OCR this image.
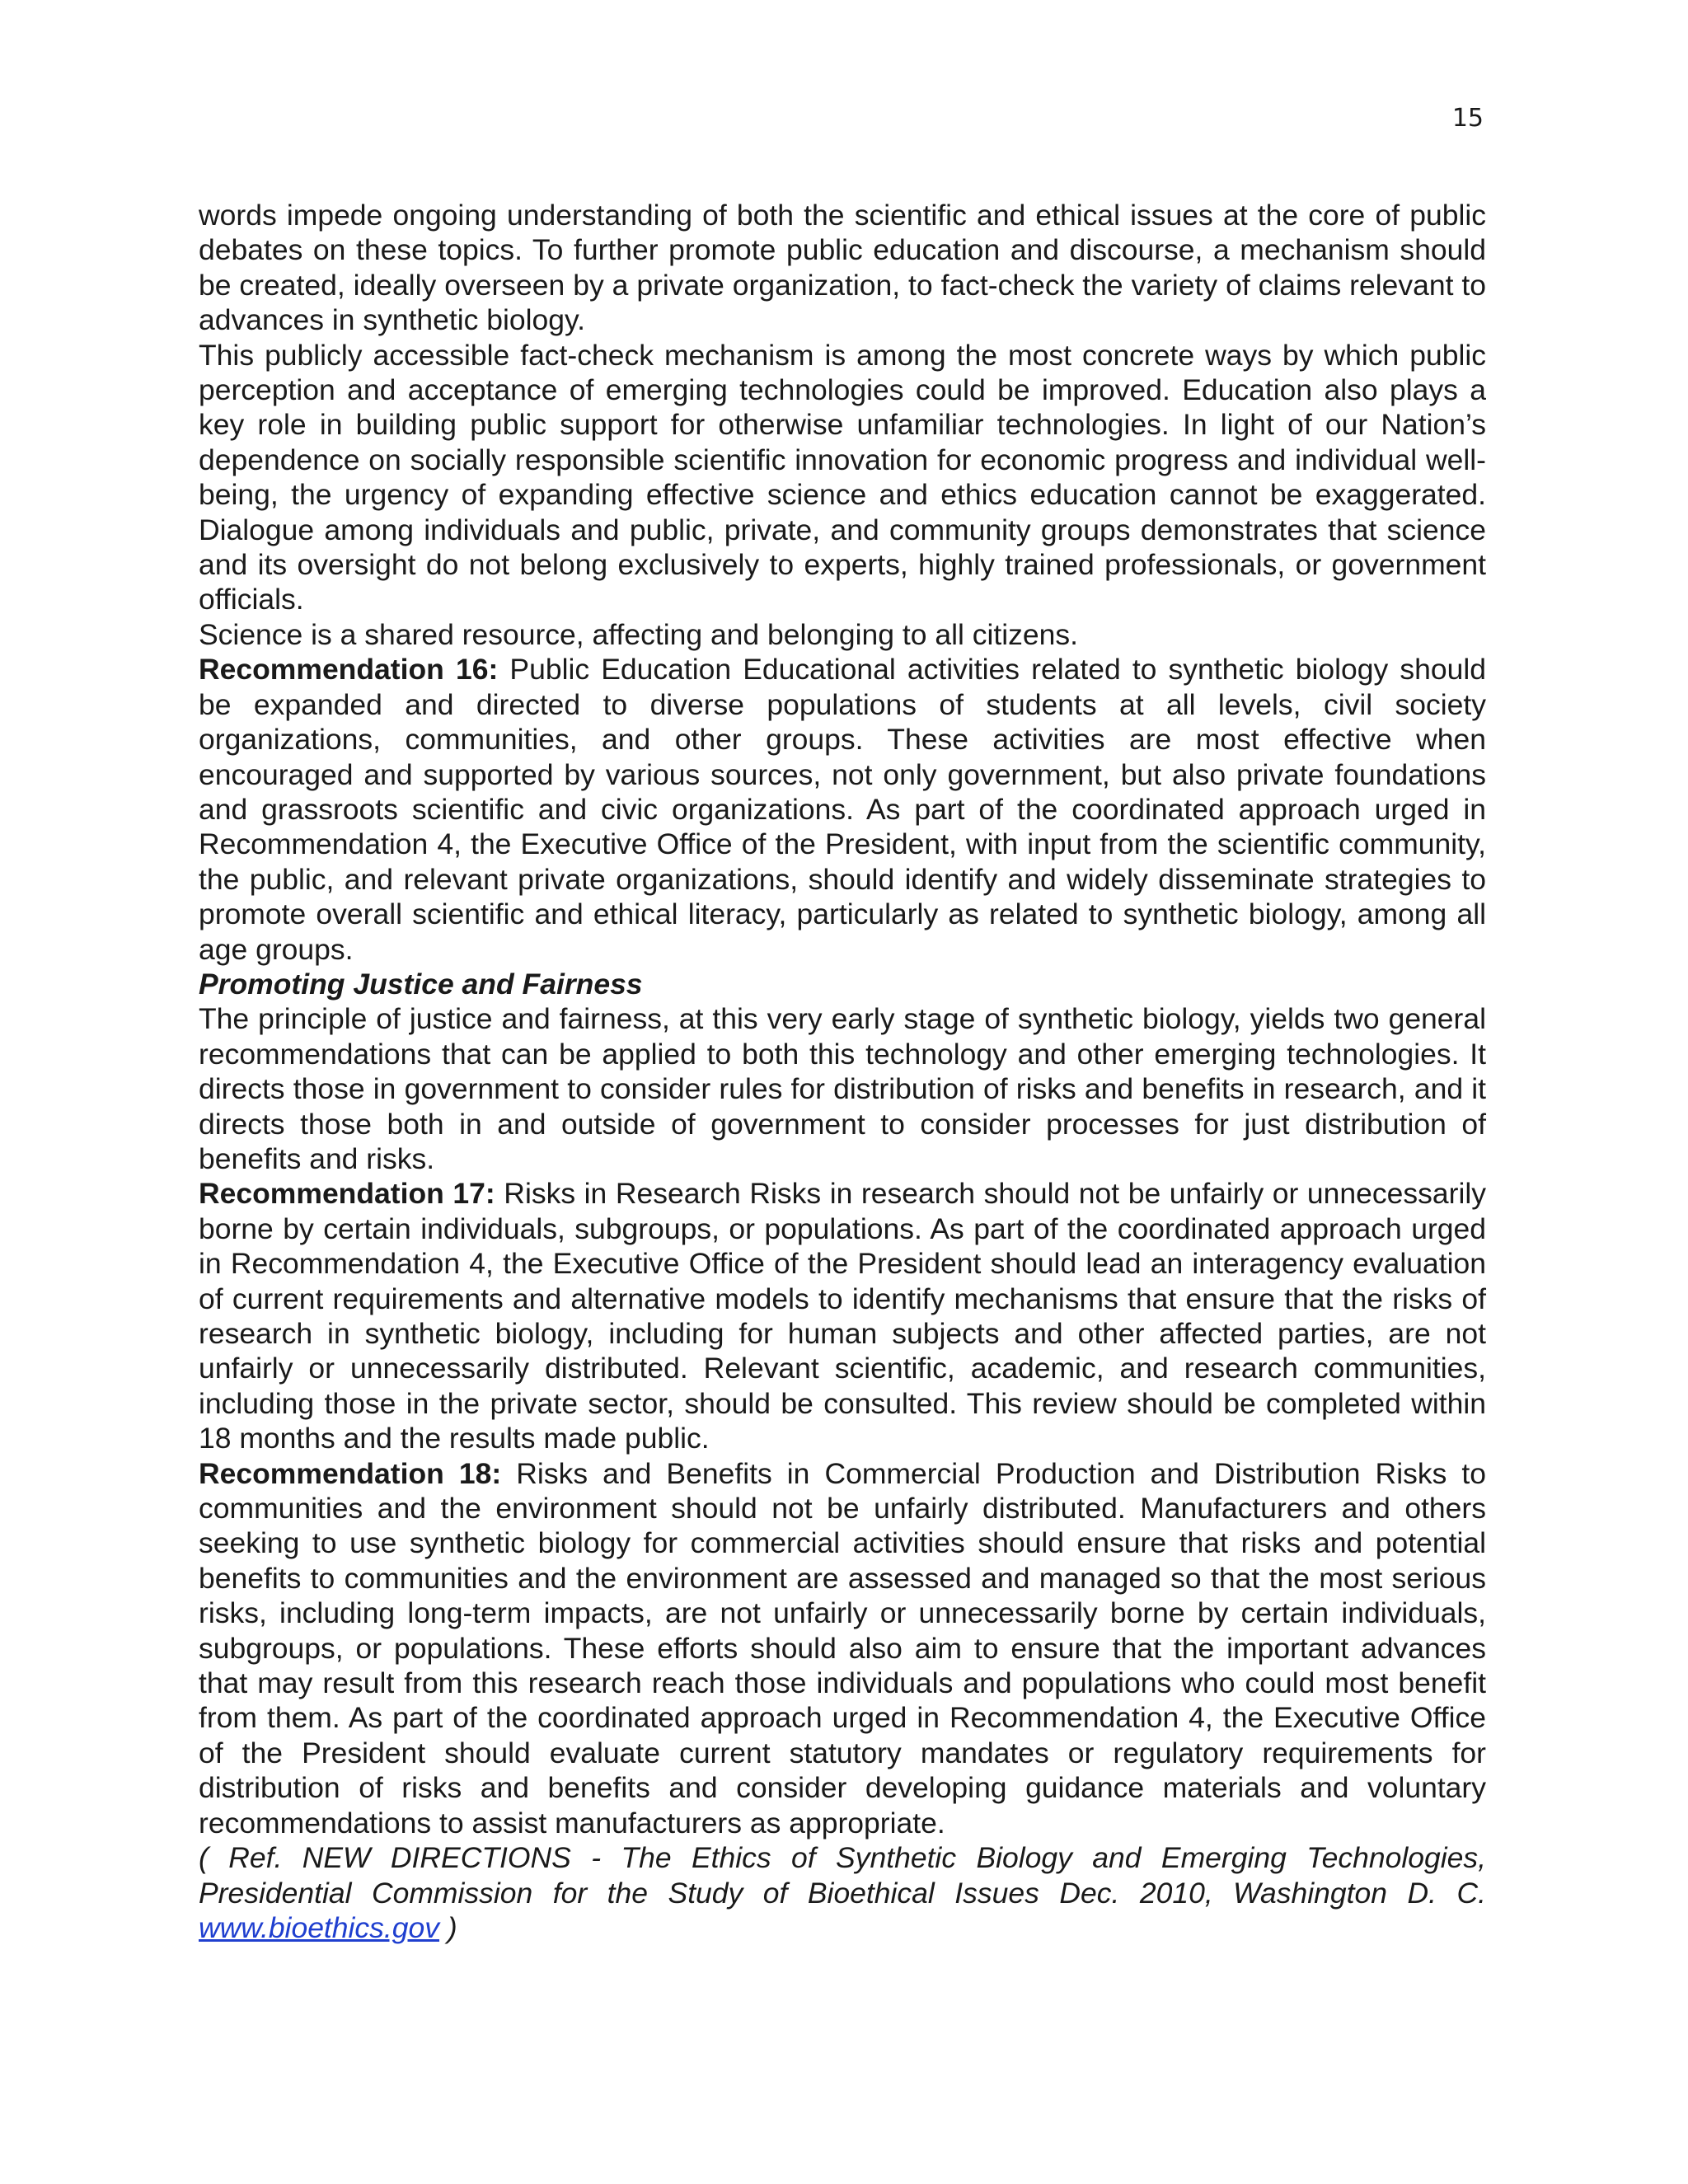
15

words impede ongoing understanding of both the scientific and ethical issues at the core of public debates on these topics. To further promote public education and discourse, a mechanism should be created, ideally overseen by a private organization, to fact-check the variety of claims relevant to advances in synthetic biology.

This publicly accessible fact-check mechanism is among the most concrete ways by which public perception and acceptance of emerging technologies could be improved. Education also plays a key role in building public support for otherwise unfamiliar technologies. In light of our Nation’s dependence on socially responsible scientific innovation for economic progress and individual well-being, the urgency of expanding effective science and ethics education cannot be exaggerated. Dialogue among individuals and public, private, and community groups demonstrates that science and its oversight do not belong exclusively to experts, highly trained professionals, or government officials.

Science is a shared resource, affecting and belonging to all citizens.

Recommendation 16: Public Education Educational activities related to synthetic biology should be expanded and directed to diverse populations of students at all levels, civil society organizations, communities, and other groups. These activities are most effective when encouraged and supported by various sources, not only government, but also private foundations and grassroots scientific and civic organizations. As part of the coordinated approach urged in Recommendation 4, the Executive Office of the President, with input from the scientific community, the public, and relevant private organizations, should identify and widely disseminate strategies to promote overall scientific and ethical literacy, particularly as related to synthetic biology, among all age groups.

Promoting Justice and Fairness

The principle of justice and fairness, at this very early stage of synthetic biology, yields two general recommendations that can be applied to both this technology and other emerging technologies. It directs those in government to consider rules for distribution of risks and benefits in research, and it directs those both in and outside of government to consider processes for just distribution of benefits and risks.

Recommendation 17: Risks in Research Risks in research should not be unfairly or unnecessarily borne by certain individuals, subgroups, or populations. As part of the coordinated approach urged in Recommendation 4, the Executive Office of the President should lead an interagency evaluation of current requirements and alternative models to identify mechanisms that ensure that the risks of research in synthetic biology, including for human subjects and other affected parties, are not unfairly or unnecessarily distributed. Relevant scientific, academic, and research communities, including those in the private sector, should be consulted. This review should be completed within 18 months and the results made public.

Recommendation 18: Risks and Benefits in Commercial Production and Distribution Risks to communities and the environment should not be unfairly distributed. Manufacturers and others seeking to use synthetic biology for commercial activities should ensure that risks and potential benefits to communities and the environment are assessed and managed so that the most serious risks, including long-term impacts, are not unfairly or unnecessarily borne by certain individuals, subgroups, or populations. These efforts should also aim to ensure that the important advances that may result from this research reach those individuals and populations who could most benefit from them. As part of the coordinated approach urged in Recommendation 4, the Executive Office of the President should evaluate current statutory mandates or regulatory requirements for distribution of risks and benefits and consider developing guidance materials and voluntary recommendations to assist manufacturers as appropriate.

( Ref. NEW DIRECTIONS - The Ethics of Synthetic Biology and Emerging Technologies, Presidential Commission for the Study of Bioethical Issues Dec. 2010, Washington D. C. www.bioethics.gov )
